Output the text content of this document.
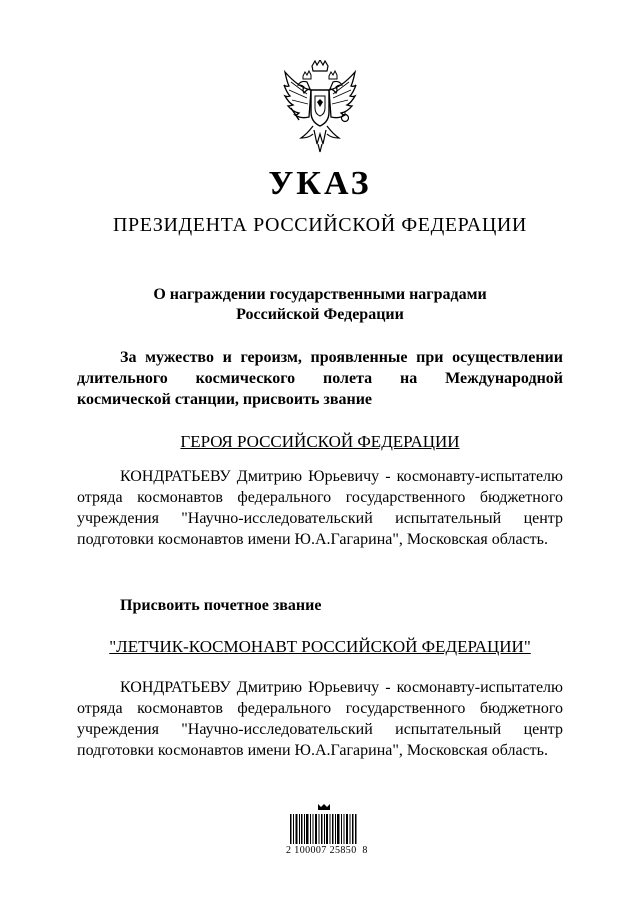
УКАЗ
ПРЕЗИДЕНТА РОССИЙСКОЙ ФЕДЕРАЦИИ
О награждении государственными наградами
Российской Федерации
За мужество и героизм, проявленные при осуществлении
длительного космического полета на Международной
космической станции, присвоить звание
ГЕРОЯ РОССИЙСКОЙ ФЕДЕРАЦИИ
КОНДРАТЬЕВУ Дмитрию Юрьевичу - космонавту-испытателю
отряда космонавтов федерального государственного бюджетного
учреждения "Научно-исследовательский испытательный центр
подготовки космонавтов имени Ю.А.Гагарина", Московская область.
Присвоить почетное звание
"ЛЕТЧИК-КОСМОНАВТ РОССИЙСКОЙ ФЕДЕРАЦИИ"
КОНДРАТЬЕВУ Дмитрию Юрьевичу - космонавту-испытателю
отряда космонавтов федерального государственного бюджетного
учреждения "Научно-исследовательский испытательный центр
подготовки космонавтов имени Ю.А.Гагарина", Московская область.
2 100007 25850  8
